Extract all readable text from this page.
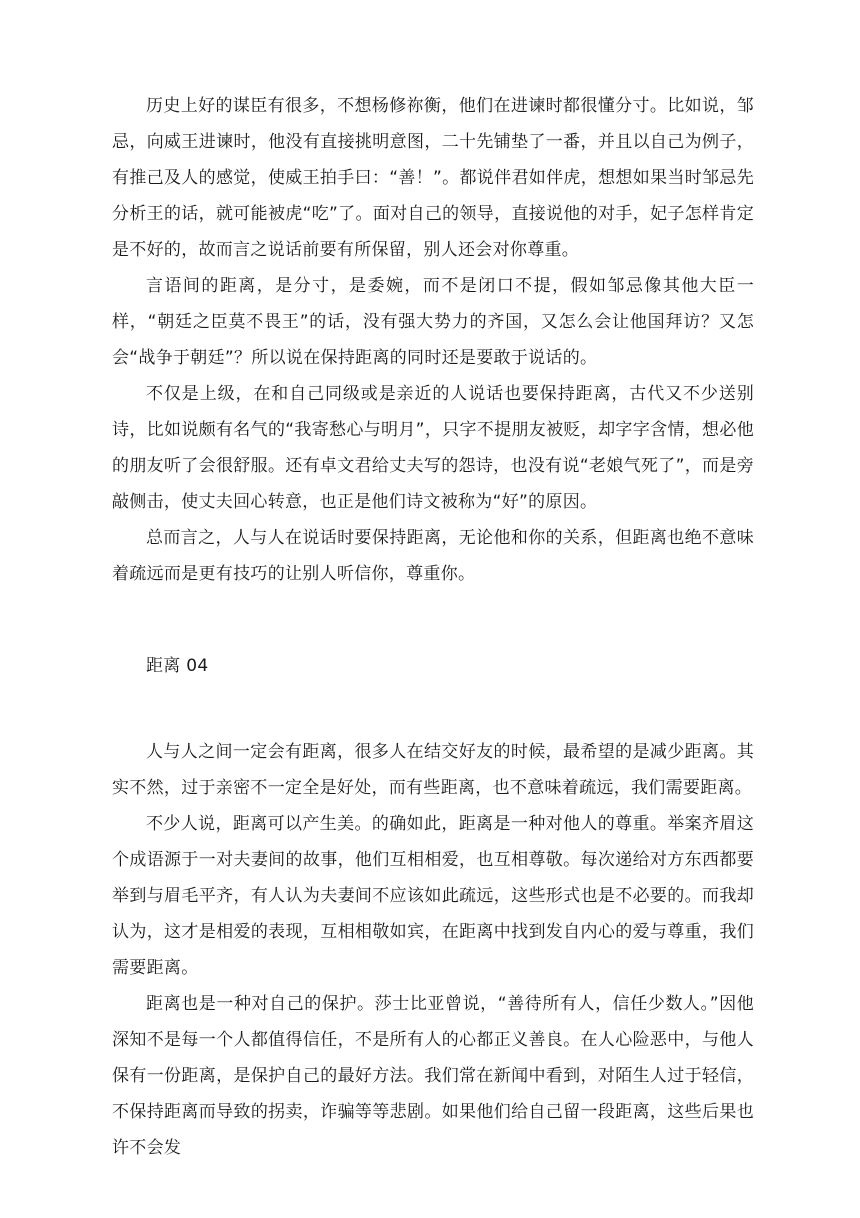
历史上好的谋臣有很多，不想杨修祢衡，他们在进谏时都很懂分寸。比如说，邹忌，向威王进谏时，他没有直接挑明意图，二十先铺垫了一番，并且以自己为例子，有推己及人的感觉，使威王拍手曰：“善！”。都说伴君如伴虎，想想如果当时邹忌先分析王的话，就可能被虎“吃”了。面对自己的领导，直接说他的对手，妃子怎样肯定是不好的，故而言之说话前要有所保留，别人还会对你尊重。

言语间的距离，是分寸，是委婉，而不是闭口不提，假如邹忌像其他大臣一样，“朝廷之臣莫不畏王”的话，没有强大势力的齐国，又怎么会让他国拜访？又怎会“战争于朝廷”？所以说在保持距离的同时还是要敢于说话的。

不仅是上级，在和自己同级或是亲近的人说话也要保持距离，古代又不少送别诗，比如说颇有名气的“我寄愁心与明月”，只字不提朋友被贬，却字字含情，想必他的朋友听了会很舒服。还有卓文君给丈夫写的怨诗，也没有说“老娘气死了”，而是旁敲侧击，使丈夫回心转意，也正是他们诗文被称为“好”的原因。

总而言之，人与人在说话时要保持距离，无论他和你的关系，但距离也绝不意味着疏远而是更有技巧的让别人听信你，尊重你。

距离 04

人与人之间一定会有距离，很多人在结交好友的时候，最希望的是减少距离。其实不然，过于亲密不一定全是好处，而有些距离，也不意味着疏远，我们需要距离。

不少人说，距离可以产生美。的确如此，距离是一种对他人的尊重。举案齐眉这个成语源于一对夫妻间的故事，他们互相相爱，也互相尊敬。每次递给对方东西都要举到与眉毛平齐，有人认为夫妻间不应该如此疏远，这些形式也是不必要的。而我却认为，这才是相爱的表现，互相相敬如宾，在距离中找到发自内心的爱与尊重，我们需要距离。

距离也是一种对自己的保护。莎士比亚曾说，“善待所有人，信任少数人。”因他深知不是每一个人都值得信任，不是所有人的心都正义善良。在人心险恶中，与他人保有一份距离，是保护自己的最好方法。我们常在新闻中看到，对陌生人过于轻信，不保持距离而导致的拐卖，诈骗等等悲剧。如果他们给自己留一段距离，这些后果也许不会发
